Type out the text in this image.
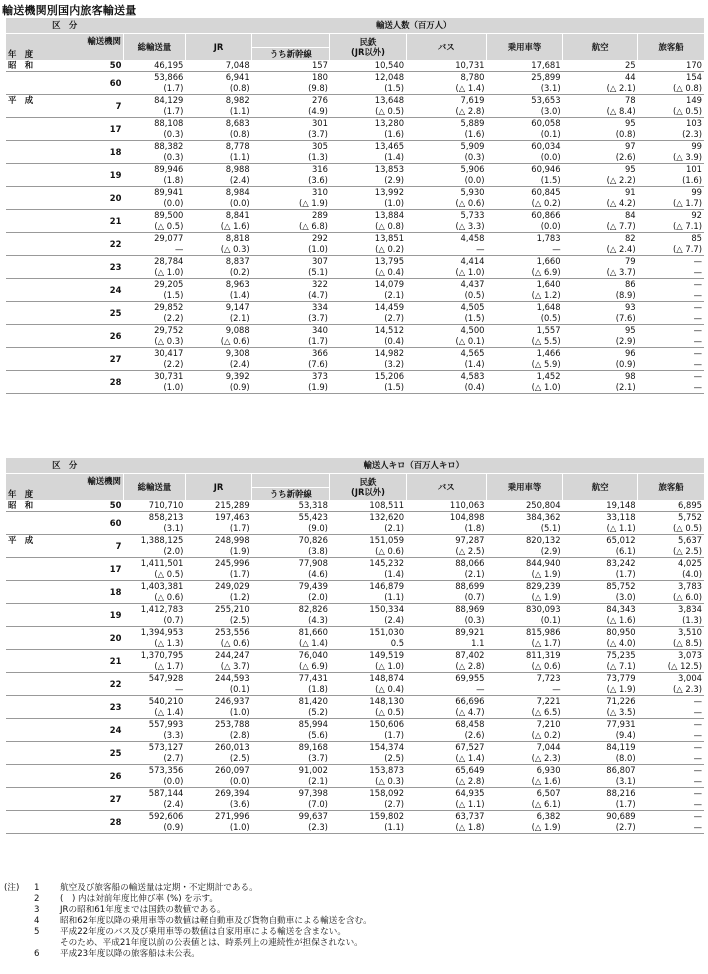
輸送機関別国内旅客輸送量
区　分		輸送人数（百万人）							
輸送機関		総輸送量	JR		民鉄
(JR以外)	バス	乗用車等	航空	旅客船
年　度				うち新幹線					
昭　和	50	46,195	7,048	157	10,540	10,731	17,681	25	170
	60	53,866	6,941	180	12,048	8,780	25,899	44	154
		(1.7)	(0.8)	(9.8)	(1.5)	(△ 1.4)	(3.1)	(△ 2.1)	(△ 0.8)
平　成	7	84,129	8,982	276	13,648	7,619	53,653	78	149
		(1.7)	(1.1)	(4.9)	(△ 0.5)	(△ 2.8)	(3.0)	(△ 8.4)	(△ 0.5)
	17	88,108	8,683	301	13,280	5,889	60,058	95	103
		(0.3)	(0.8)	(3.7)	(1.6)	(1.6)	(0.1)	(0.8)	(2.3)
	18	88,382	8,778	305	13,465	5,909	60,034	97	99
		(0.3)	(1.1)	(1.3)	(1.4)	(0.3)	(0.0)	(2.6)	(△ 3.9)
	19	89,946	8,988	316	13,853	5,906	60,946	95	101
		(1.8)	(2.4)	(3.6)	(2.9)	(0.0)	(1.5)	(△ 2.2)	(1.6)
	20	89,941	8,984	310	13,992	5,930	60,845	91	99
		(0.0)	(0.0)	(△ 1.9)	(1.0)	(△ 0.6)	(△ 0.2)	(△ 4.2)	(△ 1.7)
	21	89,500	8,841	289	13,884	5,733	60,866	84	92
		(△ 0.5)	(△ 1.6)	(△ 6.8)	(△ 0.8)	(△ 3.3)	(0.0)	(△ 7.7)	(△ 7.1)
	22	29,077	8,818	292	13,851	4,458	1,783	82	85
		—	(△ 0.3)	(1.0)	(△ 0.2)	—	—	(△ 2.4)	(△ 7.7)
	23	28,784	8,837	307	13,795	4,414	1,660	79	—
		(△ 1.0)	(0.2)	(5.1)	(△ 0.4)	(△ 1.0)	(△ 6.9)	(△ 3.7)	—
	24	29,205	8,963	322	14,079	4,437	1,640	86	—
		(1.5)	(1.4)	(4.7)	(2.1)	(0.5)	(△ 1.2)	(8.9)	—
	25	29,852	9,147	334	14,459	4,505	1,648	93	—
		(2.2)	(2.1)	(3.7)	(2.7)	(1.5)	(0.5)	(7.6)	—
	26	29,752	9,088	340	14,512	4,500	1,557	95	—
		(△ 0.3)	(△ 0.6)	(1.7)	(0.4)	(△ 0.1)	(△ 5.5)	(2.9)	—
	27	30,417	9,308	366	14,982	4,565	1,466	96	—
		(2.2)	(2.4)	(7.6)	(3.2)	(1.4)	(△ 5.9)	(0.9)	—
	28	30,731	9,392	373	15,206	4,583	1,452	98	—
		(1.0)	(0.9)	(1.9)	(1.5)	(0.4)	(△ 1.0)	(2.1)	—
区　分		輸送人キロ（百万人キロ）							
輸送機関		総輸送量	JR		民鉄
(JR以外)	バス	乗用車等	航空	旅客船
年　度				うち新幹線					
昭　和	50	710,710	215,289	53,318	108,511	110,063	250,804	19,148	6,895
	60	858,213	197,463	55,423	132,620	104,898	384,362	33,118	5,752
		(3.1)	(1.7)	(9.0)	(2.1)	(1.8)	(5.1)	(△ 1.1)	(△ 0.5)
平　成	7	1,388,125	248,998	70,826	151,059	97,287	820,132	65,012	5,637
		(2.0)	(1.9)	(3.8)	(△ 0.6)	(△ 2.5)	(2.9)	(6.1)	(△ 2.5)
	17	1,411,501	245,996	77,908	145,232	88,066	844,940	83,242	4,025
		(△ 0.5)	(1.7)	(4.6)	(1.4)	(2.1)	(△ 1.9)	(1.7)	(4.0)
	18	1,403,381	249,029	79,439	146,879	88,699	829,239	85,752	3,783
		(△ 0.6)	(1.2)	(2.0)	(1.1)	(0.7)	(△ 1.9)	(3.0)	(△ 6.0)
	19	1,412,783	255,210	82,826	150,334	88,969	830,093	84,343	3,834
		(0.7)	(2.5)	(4.3)	(2.4)	(0.3)	(0.1)	(△ 1.6)	(1.3)
	20	1,394,953	253,556	81,660	151,030	89,921	815,986	80,950	3,510
		(△ 1.3)	(△ 0.6)	(△ 1.4)	0.5	1.1	(△ 1.7)	(△ 4.0)	(△ 8.5)
	21	1,370,795	244,247	76,040	149,519	87,402	811,319	75,235	3,073
		(△ 1.7)	(△ 3.7)	(△ 6.9)	(△ 1.0)	(△ 2.8)	(△ 0.6)	(△ 7.1)	(△ 12.5)
	22	547,928	244,593	77,431	148,874	69,955	7,723	73,779	3,004
		—	(0.1)	(1.8)	(△ 0.4)	—	—	(△ 1.9)	(△ 2.3)
	23	540,210	246,937	81,420	148,130	66,696	7,221	71,226	—
		(△ 1.4)	(1.0)	(5.2)	(△ 0.5)	(△ 4.7)	(△ 6.5)	(△ 3.5)	—
	24	557,993	253,788	85,994	150,606	68,458	7,210	77,931	—
		(3.3)	(2.8)	(5.6)	(1.7)	(2.6)	(△ 0.2)	(9.4)	—
	25	573,127	260,013	89,168	154,374	67,527	7,044	84,119	—
		(2.7)	(2.5)	(3.7)	(2.5)	(△ 1.4)	(△ 2.3)	(8.0)	—
	26	573,356	260,097	91,002	153,873	65,649	6,930	86,807	—
		(0.0)	(0.0)	(2.1)	(△ 0.3)	(△ 2.8)	(△ 1.6)	(3.1)	—
	27	587,144	269,394	97,398	158,092	64,935	6,507	88,216	—
		(2.4)	(3.6)	(7.0)	(2.7)	(△ 1.1)	(△ 6.1)	(1.7)	—
	28	592,606	271,996	99,637	159,802	63,737	6,382	90,689	—
		(0.9)	(1.0)	(2.3)	(1.1)	(△ 1.8)	(△ 1.9)	(2.7)	—
(注)	1	航空及び旅客船の輸送量は定期・不定期計である。
2	(　) 内は対前年度比伸び率 (%) を示す。
3	JRの昭和61年度までは国鉄の数値である。
4	昭和62年度以降の乗用車等の数値は軽自動車及び貨物自動車による輸送を含む。
5	平成22年度のバス及び乗用車等の数値は自家用車による輸送を含まない。
そのため、平成21年度以前の公表値とは、時系列上の連続性が担保されない。
6	平成23年度以降の旅客船は未公表。
